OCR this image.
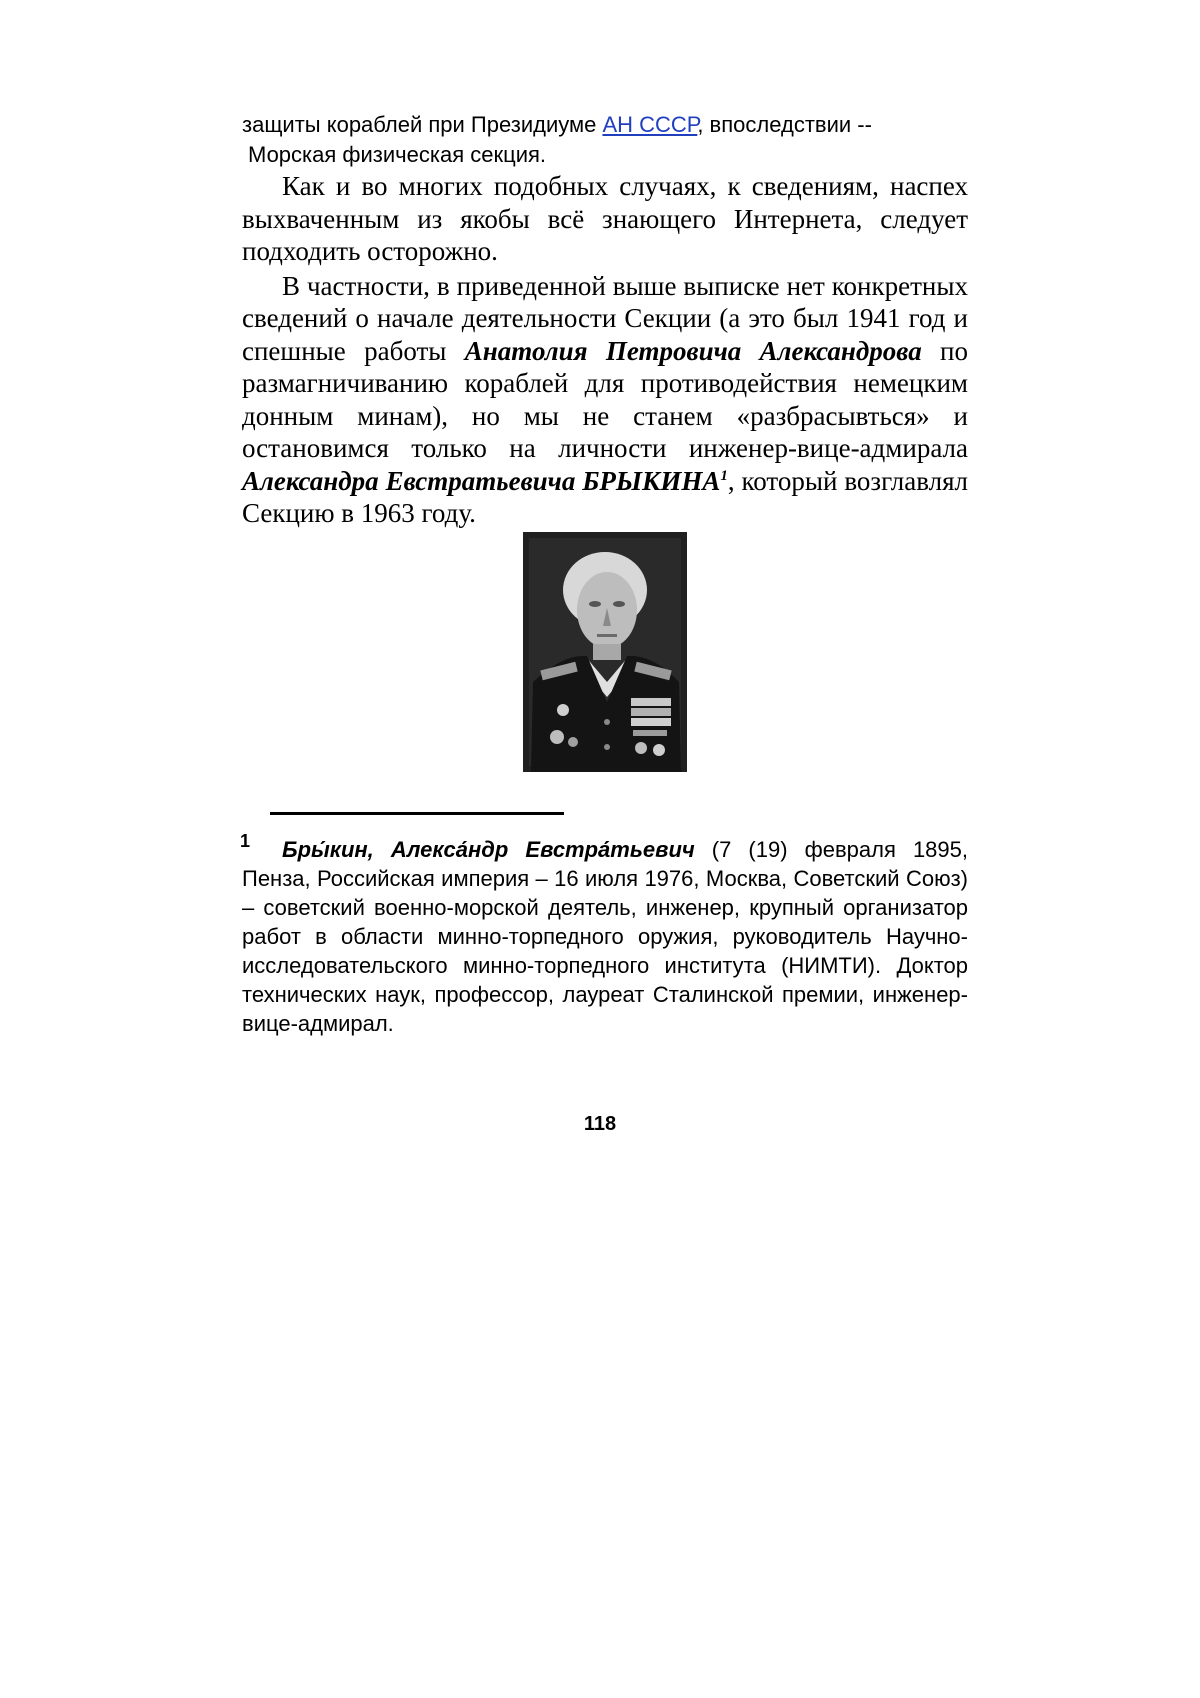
защиты кораблей при Президиуме АН СССР, впоследствии --
Морская физическая секция.

Как и во многих подобных случаях, к сведениям, наспех выхваченным из якобы всё знающего Интернета, следует подходить осторожно.

В частности, в приведенной выше выписке нет конкретных сведений о начале деятельности Секции (а это был 1941 год и спешные работы Анатолия Петровича Александрова по размагничиванию кораблей для противодействия немецким донным минам), но мы не станем «разбрасывться» и остановимся только на личности инженер-вице-адмирала Александра Евстратьевича БРЫКИНА$^1$, который возглавлял Секцию в 1963 году.

1	Бры́кин, Алекса́ндр Евстра́тьевич (7 (19) февраля 1895, Пенза, Российская империя – 16 июля 1976, Москва, Советский Союз) – советский военно-морской деятель, инженер, крупный организатор работ в области минно-торпедного оружия, руководитель Научно-исследовательского минно-торпедного института (НИМТИ). Доктор технических наук, профессор, лауреат Сталинской премии, инженер-вице-адмирал.
118
